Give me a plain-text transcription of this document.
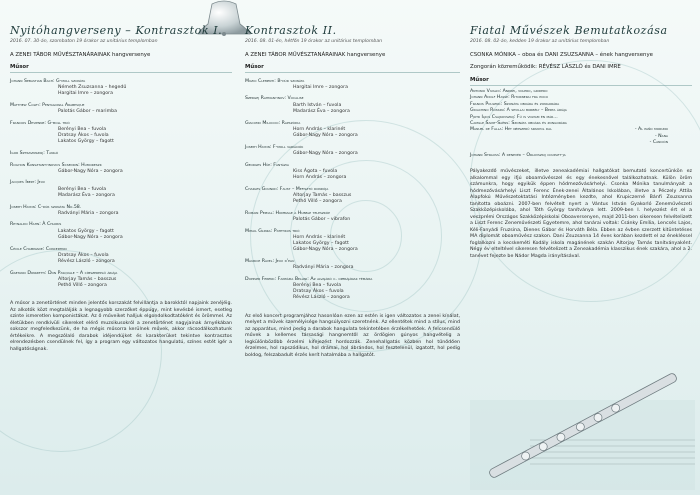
Nyitóhangverseny – Kontrasztok I.
2016. 07. 30-án, szombaton 19 órakor az unitárius templomban
A ZENEI TÁBOR MŰVÉSZTANÁRAINAK hangversenye
Műsor
Johann Sebastian Bach: G-moll szonáta
Németh Zsuzsanna – hegedű
Hargitai Imre – zongora
Matthew Coley: Pentagonal Arabesque
Palotás Gábor – marimba
Francois Devienne: G-moll trió
Berényi Bea – fuvola
Dratsay Ákos – fuvola
Lakatos György – fagott
Igor Sztravinszkij: Tangó
Rogyion Konsztantyinovics Scsedrin: Humoreszk
Gábor-Nagy Nóra – zongora
Jacques Ibert: Jeux
Berényi Bea – fuvola
Madarász Éva – zongora
Joseph Haydn: C-dúr szonáta No.58.
Radványi Mária – zongora
Reynaldo Hahn: À Chloris
Lakatos György – fagott
Gábor-Nagy Nóra – zongora
Cécile Chaminade: Concertino
Dratsay Ákos – fuvola
Révész László – zongora
Gaetano Donizetti: Don Pasquale – A címszereplő áriája
Altorjay Tamás – basszus
Pethő Villő – zongora
A műsor a zenetörténet minden jelentős korszakát felvillantja a barokktól napjaink zenéjéig. Az alkotók közt megtalálják a legnagyobb szerzőket éppúgy, mint kevésbé ismert, esetleg szinte ismeretlen komponistákat. Az ő műveiket halljuk elgondolkodtatóként és örömmel. Az életükben rendkívüli sikereket elérő muzsikusokról a zenetörténet nagyjainak árnyékában sokszor megfeledkezünk, de ha mégis műsorra kerülnek művek, akkor rácsodálkozhatunk értékeikre. A megszólaló darabok idéjendújket és karakterüket tekintve kontrasztos elrendezésben csendülnek fel, így a program egy változatos hangulatú, színes estét ígér a hallgatóságnak.
Kontrasztok II.
2016. 08. 01-én, hétfőn 19 órakor az unitárius templomban
A ZENEI TÁBOR MŰVÉSZTANÁRAINAK hangversenye
Műsor
Muzio Clementi: B-dúr szonáta
Hargitai Imre – zongora
Szergej Rahmanyinov: Vocalise
Barth István – fuvola
Madarász Éva – zongora
Giacomo Miluccio: Rapszódia
Horn András – klarinét
Gábor-Nagy Nóra – zongora
Joseph Haydn: F-moll variációk
Gábor-Nagy Nóra – zongora
Georges Hüe: Fantázia
Kiss Ágota – fuvola
Horn András – zongora
Charles Gounod: Faust – Mefisztó rondója
Altorjay Tamás – basszus
Pethő Villő – zongora
Romain Pepdal: Hommage a Hubble teleszkóp
Palotás Gábor – vibrafon
Mihail Glinka: Patetikus trió
Horn András – klarinét
Lakatos György – fagott
Gábor-Nagy Nóra – zongora
Maurice Ravel: Jeux d'eau
Radványi Mária – zongora
Doppler Ferenc: Fantázia Bellini: Az alvajáró c. operájának témáira
Berényi Bea – fuvola
Dratsay Ákos – fuvola
Révész László – zongora
Az első koncert programjához hasonlóan ezen az estén is igen változatos a zenei kínálat, melyet a művek személyisége hangsúlyozni szeretnénk. Az ellentétek mind a stílus, mind az apparátus, mind pedig a darabok hangulata tekintetében érzékelhetőek. A felcsendülő művek a kellemes társasági hangnemtől az ördögien gúnyos hangvételig a legkülönbözőbb érzelmi kifejezést hordozzák. Zenehallgatás közben hol tűnődően érzelmes, hol rapszódikus, hol drámai, hol ábrándos, hol fesztelenül, izgatott, hol pedig boldog, felszabadult érzés kerít hatalmába a hallgatót.
Fiatal Művészek Bemutatkozása
2016. 08. 02-án, kedden 19 órakor az unitárius templomban
CSONKA MÓNIKA – oboa és DANI ZSUZSANNA – ének hangversenye
Zongorán közreműködik: RÉVÉSZ LÁSZLÓ és DANI IMRE
Műsor
Antonio Vivaldi: Andrei, volero, gridero
Johann Adolf Hasse: Ritornerai fra poco
Francis Poulenc: Szonáta oboára és zongorára
Gioachino Rossini: A sevillai borbély – Berta áriája
Pjotr Iljics Csajkovszkij: Fű is voltam én már...
Camille Saint-Saëns: Szonáta oboára és zongorára
Manuel de Falla: Hét népszerű spanyol dal	- Al paño moruno
- Nana
- Canción
Johann Strauss: A denevér – Orlovszkij couplet-ja
Pályakezdő művészeket, illetve zeneakadémiai hallgatókat bemutató koncertünkön ez alkalommal egy ifjú oboaművésszel és egy énekesnővel találkozhatnak. Külön öröm számunkra, hogy egyikük éppen hódmezővásárhelyi. Csonka Mónika tanulmányait a hódmezővásárhelyi Liszt Ferenc Ének-zenei Általános Iskolában, illetve a Péczely Attila Alapfokú Művészetoktatási Intézményben kezdte, ahol Krupiczerné Bánfi Zsuzsanna tanította oboázni. 2007-ben felvételt nyert a Vántus István Gyakorló Zeneművészeti Szakközépiskolába, ahol Tóth György tanítványa lett. 2009-ben I. helyezést ért el a veszprémi Országos Szakközépiskolai Oboaversenyen, majd 2011-ben sikeresen felvételizett a Liszt Ferenc Zeneművészeti Egyetemre, ahol tanárai voltak: Csánky Emília, Lencsés Lajos, Kéli-Fanyádi Fruzsina, Dienes Gábor és Horváth Béla. Ebben az évben szerzett kitüntetéses MA diplomát oboaművész szakon. Dani Zsuzsanna 14 éves korában kezdett el az énekléssel foglalkozni a kecskeméti Kodály iskola magánének szakán Altorjay Tamás tanítványaként. Négy év elteltével sikeresen felvételizett a Zeneakadémia klasszikus ének szakára, ahol a 2. tanévet fejezte be Nádor Magda irányításával.
